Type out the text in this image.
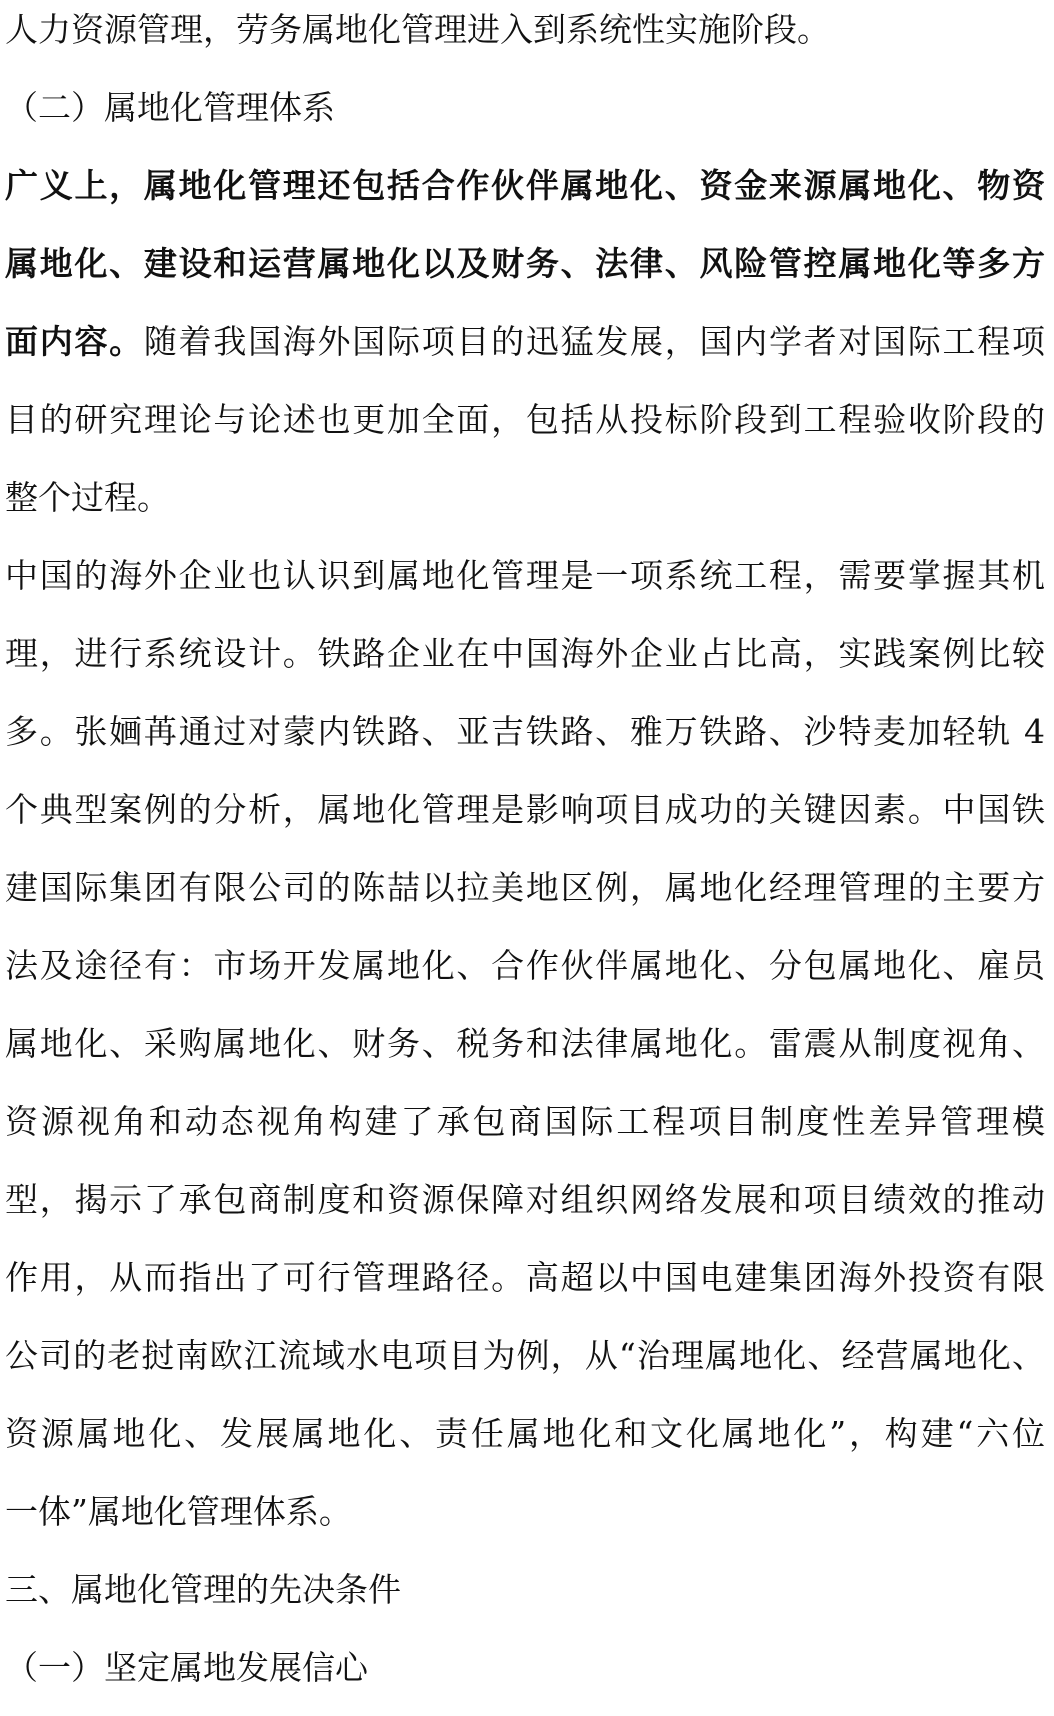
人力资源管理，劳务属地化管理进入到系统性实施阶段。
（二）属地化管理体系
广义上，属地化管理还包括合作伙伴属地化、资金来源属地化、物资
属地化、建设和运营属地化以及财务、法律、风险管控属地化等多方
面内容。随着我国海外国际项目的迅猛发展，国内学者对国际工程项
目的研究理论与论述也更加全面，包括从投标阶段到工程验收阶段的
整个过程。
中国的海外企业也认识到属地化管理是一项系统工程，需要掌握其机
理，进行系统设计。铁路企业在中国海外企业占比高，实践案例比较
多。张婳苒通过对蒙内铁路、亚吉铁路、雅万铁路、沙特麦加轻轨 4
个典型案例的分析，属地化管理是影响项目成功的关键因素。中国铁
建国际集团有限公司的陈喆以拉美地区例，属地化经理管理的主要方
法及途径有：市场开发属地化、合作伙伴属地化、分包属地化、雇员
属地化、采购属地化、财务、税务和法律属地化。雷震从制度视角、
资源视角和动态视角构建了承包商国际工程项目制度性差异管理模
型，揭示了承包商制度和资源保障对组织网络发展和项目绩效的推动
作用，从而指出了可行管理路径。高超以中国电建集团海外投资有限
公司的老挝南欧江流域水电项目为例，从“治理属地化、经营属地化、
资源属地化、发展属地化、责任属地化和文化属地化”，构建“六位
一体”属地化管理体系。
三、属地化管理的先决条件
（一）坚定属地发展信心
